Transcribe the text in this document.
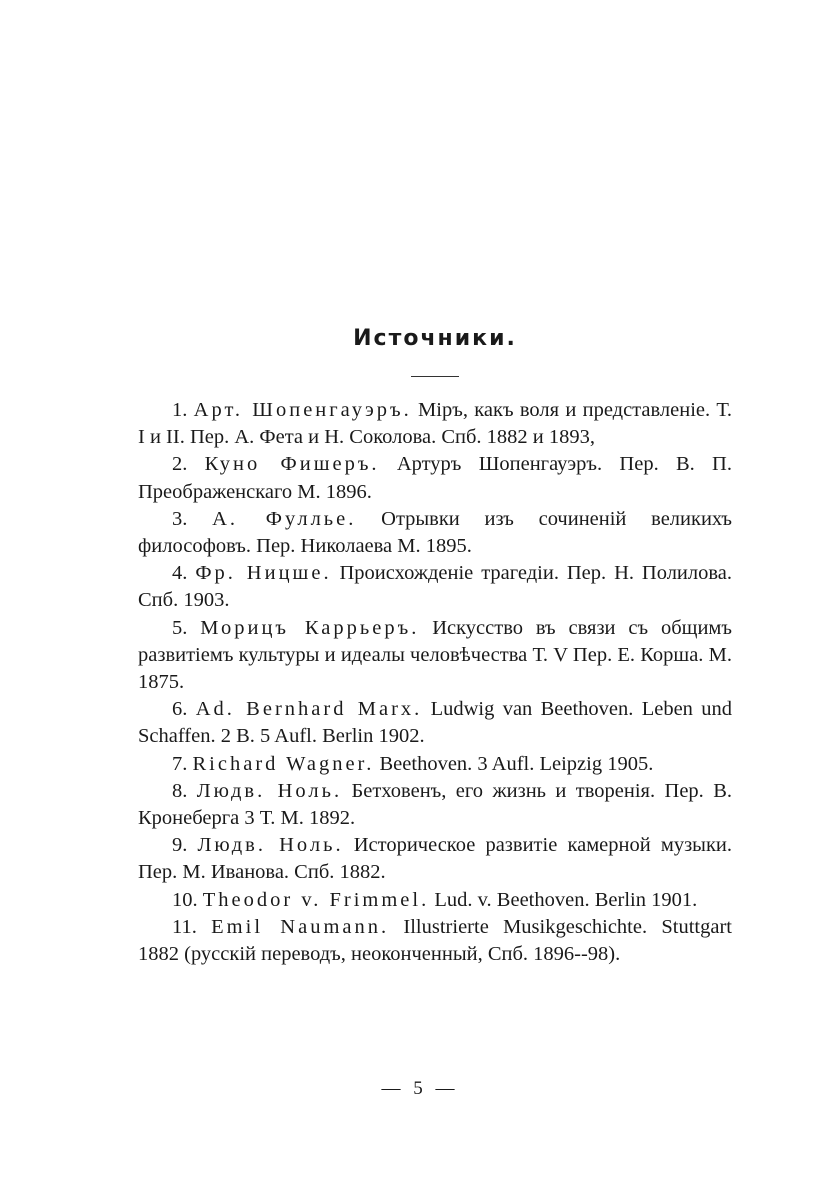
Источники.

1. Арт. Шопенгауэръ. Міръ, какъ воля и представленіе. Т. I и II. Пер. А. Фета и Н. Соколова. Спб. 1882 и 1893,

2. Куно Фишеръ. Артуръ Шопенгауэръ. Пер. В. П. Преображенскаго М. 1896.

3. А. Фуллье. Отрывки изъ сочиненій великихъ философовъ. Пер. Николаева М. 1895.

4. Фр. Ницше. Происхожденіе трагедіи. Пер. Н. Полилова. Спб. 1903.

5. Морицъ Каррьеръ. Искусство въ связи съ общимъ развитіемъ культуры и идеалы человѣчества Т. V Пер. Е. Корша. М. 1875.

6. Ad. Bernhard Marx. Ludwig van Beethoven. Leben und Schaffen. 2 B. 5 Aufl. Berlin 1902.

7. Richard Wagner. Beethoven. 3 Aufl. Leipzig 1905.

8. Людв. Ноль. Бетховенъ, его жизнь и творенія. Пер. В. Кронеберга 3 Т. М. 1892.

9. Людв. Ноль. Историческое развитіе камерной музыки. Пер. М. Иванова. Спб. 1882.

10. Theodor v. Frimmel. Lud. v. Beethoven. Berlin 1901.

11. Emil Naumann. Illustrierte Musikgeschichte. Stuttgart 1882 (русскій переводъ, неоконченный, Спб. 1896--98).

— 5 —
